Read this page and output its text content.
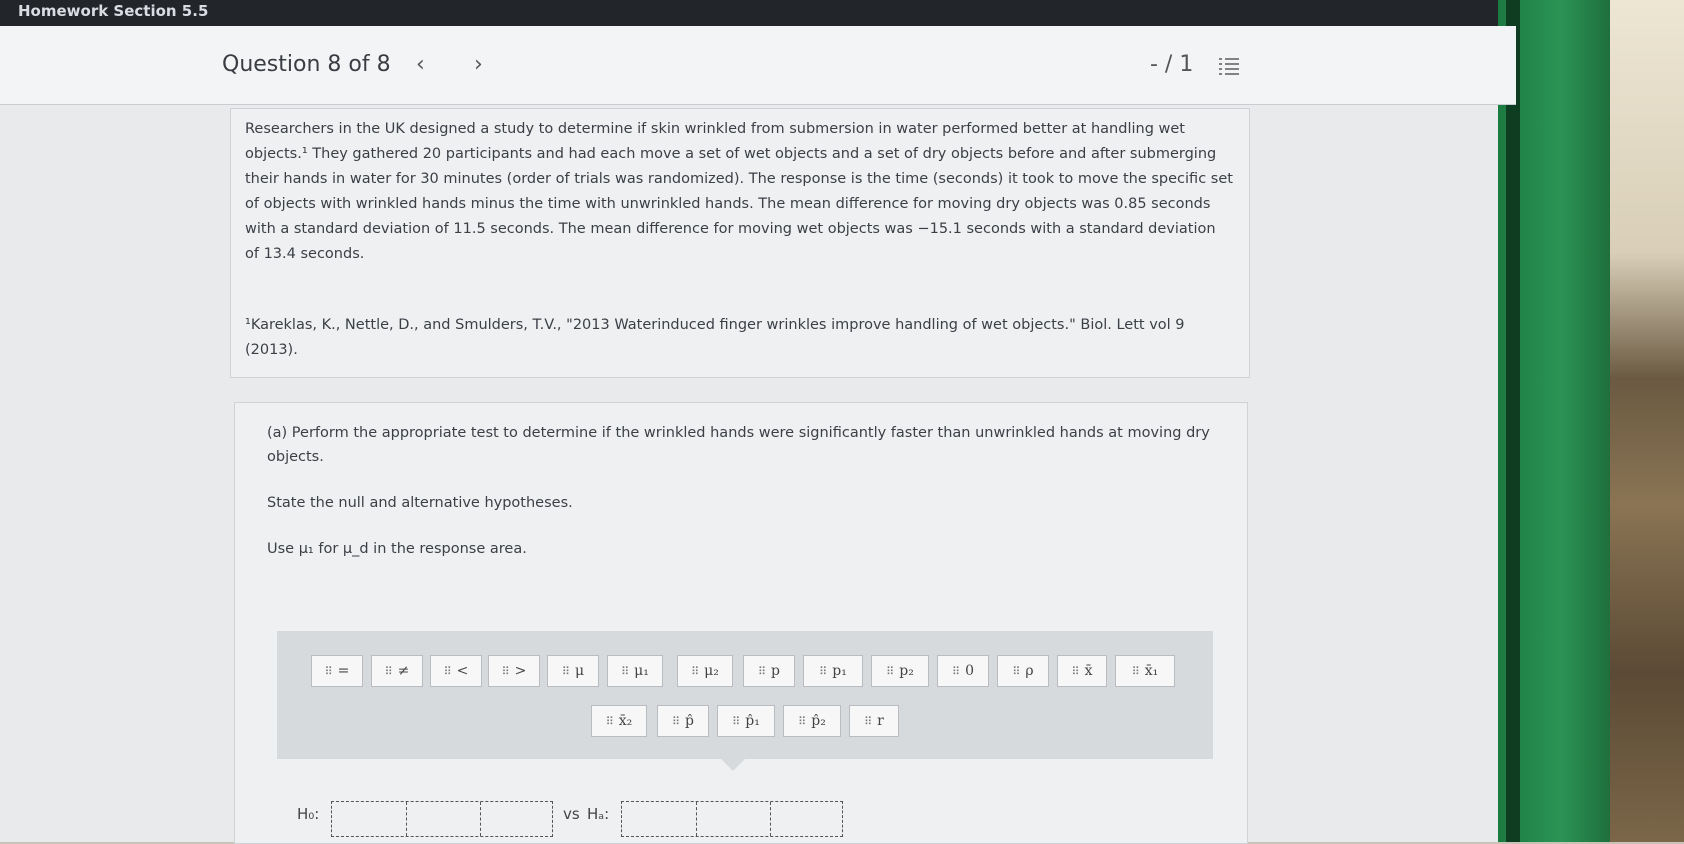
Homework Section 5.5
Question 8 of 8 ‹ ›	- / 1

Researchers in the UK designed a study to determine if skin wrinkled from submersion in water performed better at handling wet

objects.¹ They gathered 20 participants and had each move a set of wet objects and a set of dry objects before and after submerging

their hands in water for 30 minutes (order of trials was randomized). The response is the time (seconds) it took to move the specific set

of objects with wrinkled hands minus the time with unwrinkled hands. The mean difference for moving dry objects was 0.85 seconds

with a standard deviation of 11.5 seconds. The mean difference for moving wet objects was −15.1 seconds with a standard deviation

of 13.4 seconds.

¹Kareklas, K., Nettle, D., and Smulders, T.V., "2013 Waterinduced finger wrinkles improve handling of wet objects." Biol. Lett vol 9

(2013).

(a) Perform the appropriate test to determine if the wrinkled hands were significantly faster than unwrinkled hands at moving dry
objects.
State the null and alternative hypotheses.
Use μ₁ for μ_d in the response area.
⠿ =	⠿ ≠	⠿ <	⠿ >	⠿ μ	⠿ μ₁	⠿ μ₂	⠿ p	⠿ p₁	⠿ p₂	⠿ 0	⠿ ρ	⠿ x̄	⠿ x̄₁
⠿ x̄₂	⠿ p̂	⠿ p̂₁	⠿ p̂₂	⠿ r
H₀:	vs Hₐ:
